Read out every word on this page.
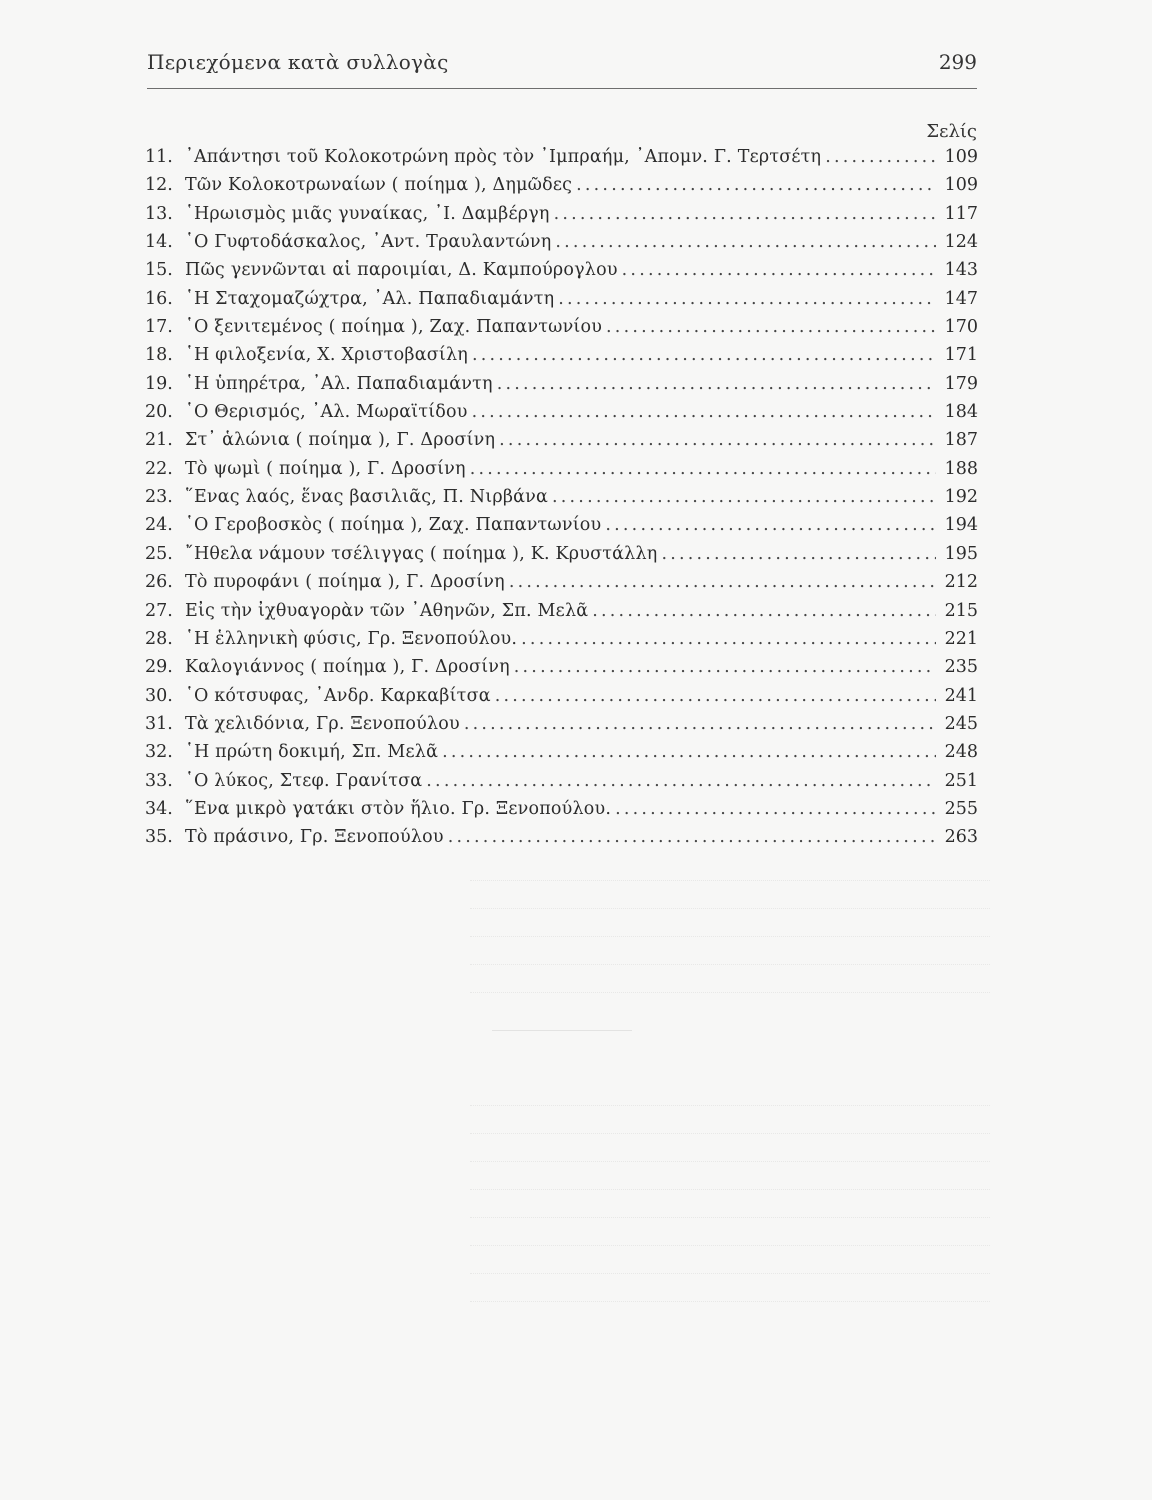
Περιεχόμενα κατὰ συλλογὰς	299
Σελίς
11. ᾿Απάντησι τοῦ Κολοκοτρώνη πρὸς τὸν ᾿Ιμπραήμ, ᾿Απομν. Γ. Τερτσέτη .....	109
12. Τῶν Κολοκοτρωναίων ( ποίημα ), Δημῶδες .....	109
13. ῾Ηρωισμὸς μιᾶς γυναίκας, ᾿Ι. Δαμβέργη .....	117
14. ῾Ο Γυφτοδάσκαλος, ᾿Αντ. Τραυλαντώνη .....	124
15. Πῶς γεννῶνται αἱ παροιμίαι, Δ. Καμπούρογλου .....	143
16. ῾Η Σταχομαζώχτρα, ᾿Αλ. Παπαδιαμάντη .....	147
17. ῾Ο ξενιτεμένος ( ποίημα ), Ζαχ. Παπαντωνίου .....	170
18. ῾Η φιλοξενία, Χ. Χριστοβασίλη .....	171
19. ῾Η ὑπηρέτρα, ᾿Αλ. Παπαδιαμάντη .....	179
20. ῾Ο Θερισμός, ᾿Αλ. Μωραϊτίδου .....	184
21. Στ᾿ ἁλώνια ( ποίημα ), Γ. Δροσίνη .....	187
22. Τὸ ψωμὶ ( ποίημα ), Γ. Δροσίνη .....	188
23. ῞Ενας λαός, ἕνας βασιλιᾶς, Π. Νιρβάνα .....	192
24. ῾Ο Γεροβοσκὸς ( ποίημα ), Ζαχ. Παπαντωνίου .....	194
25. ῎Ηθελα νάμουν τσέλιγγας ( ποίημα ), Κ. Κρυστάλλη .....	195
26. Τὸ πυροφάνι ( ποίημα ), Γ. Δροσίνη .....	212
27. Εἰς τὴν ἰχθυαγορὰν τῶν ᾿Αθηνῶν, Σπ. Μελᾶ .....	215
28. ῾Η ἑλληνικὴ φύσις, Γρ. Ξενοπούλου. .....	221
29. Καλογιάννος ( ποίημα ), Γ. Δροσίνη .....	235
30. ῾Ο κότσυφας, ᾿Ανδρ. Καρκαβίτσα .....	241
31. Τὰ χελιδόνια, Γρ. Ξενοπούλου .....	245
32. ῾Η πρώτη δοκιμή, Σπ. Μελᾶ .....	248
33. ῾Ο λύκος, Στεφ. Γρανίτσα .....	251
34. ῞Ενα μικρὸ γατάκι στὸν ἥλιο. Γρ. Ξενοπούλου. .....	255
35. Τὸ πράσινο, Γρ. Ξενοπούλου .....	263
